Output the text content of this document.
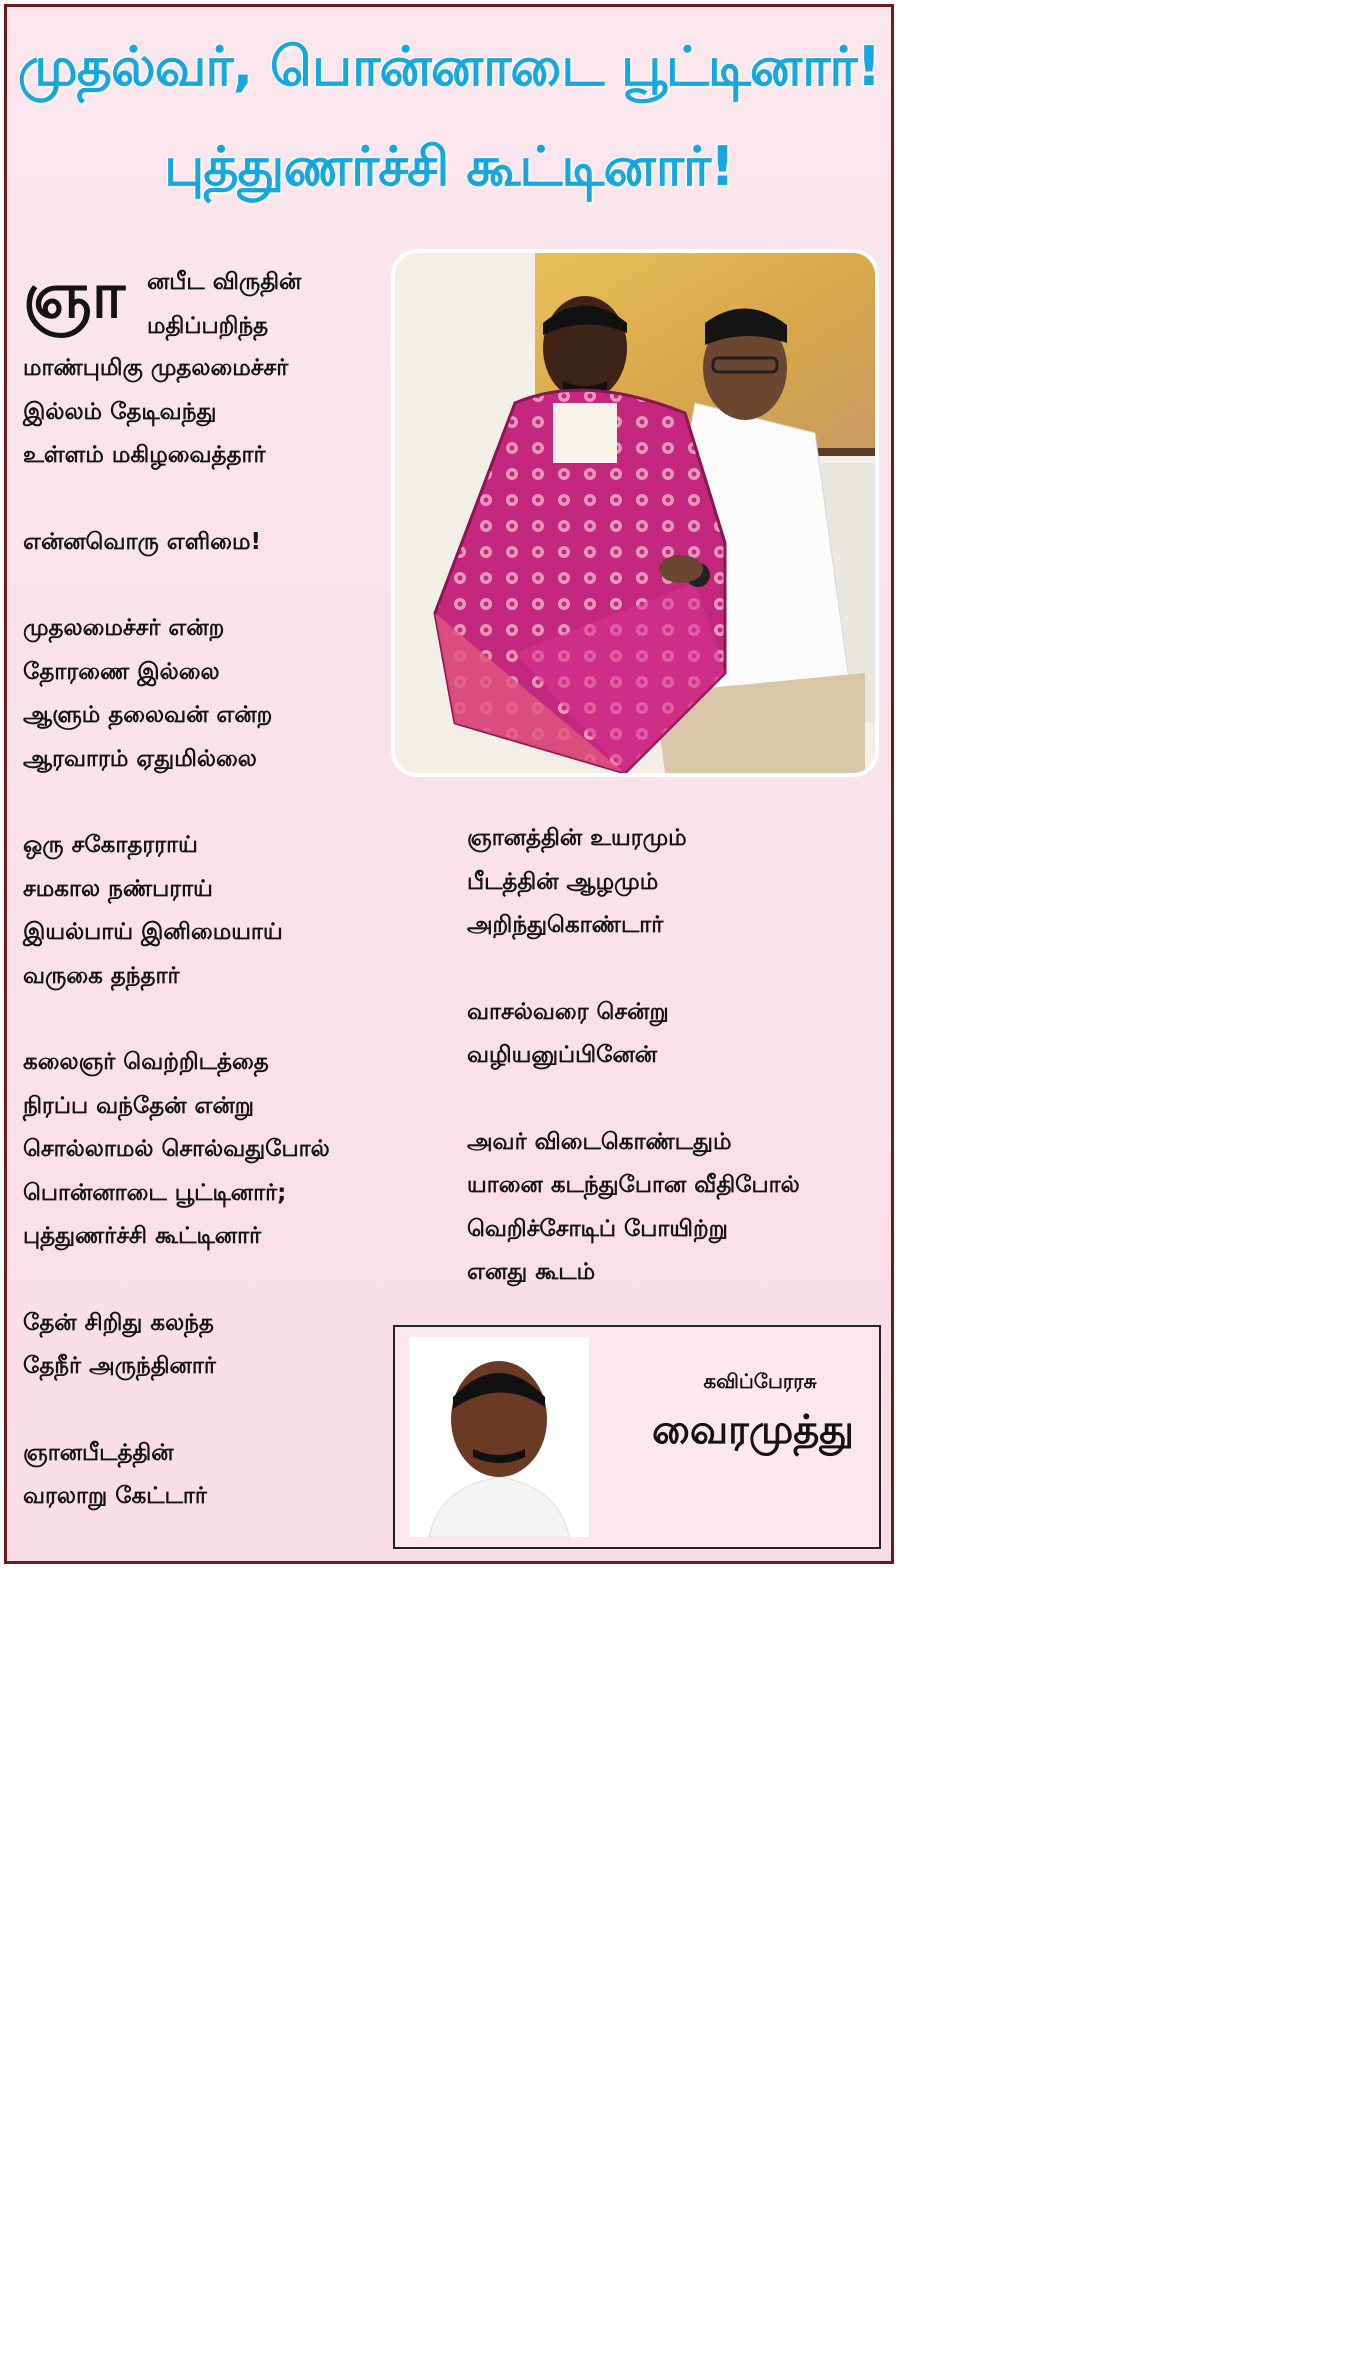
முதல்வர், பொன்னாடை பூட்டினார்!
புத்துணர்ச்சி கூட்டினார்!
ஞா னபீட விருதின்
மதிப்பறிந்த
மாண்புமிகு முதலமைச்சர்
இல்லம் தேடிவந்து
உள்ளம் மகிழவைத்தார்
என்னவொரு எளிமை!
முதலமைச்சர் என்ற
தோரணை இல்லை
ஆளும் தலைவன் என்ற
ஆரவாரம் ஏதுமில்லை
ஒரு சகோதரராய்
சமகால நண்பராய்
இயல்பாய் இனிமையாய்
வருகை தந்தார்
கலைஞர் வெற்றிடத்தை
நிரப்ப வந்தேன் என்று
சொல்லாமல் சொல்வதுபோல்
பொன்னாடை பூட்டினார்;
புத்துணர்ச்சி கூட்டினார்
தேன் சிறிது கலந்த
தேநீர் அருந்தினார்
ஞானபீடத்தின்
வரலாறு கேட்டார்
ஞானத்தின் உயரமும்
பீடத்தின் ஆழமும்
அறிந்துகொண்டார்
வாசல்வரை சென்று
வழியனுப்பினேன்
அவர் விடைகொண்டதும்
யானை கடந்துபோன வீதிபோல்
வெறிச்சோடிப் போயிற்று
எனது கூடம்
கவிப்பேரரசு
வைரமுத்து
